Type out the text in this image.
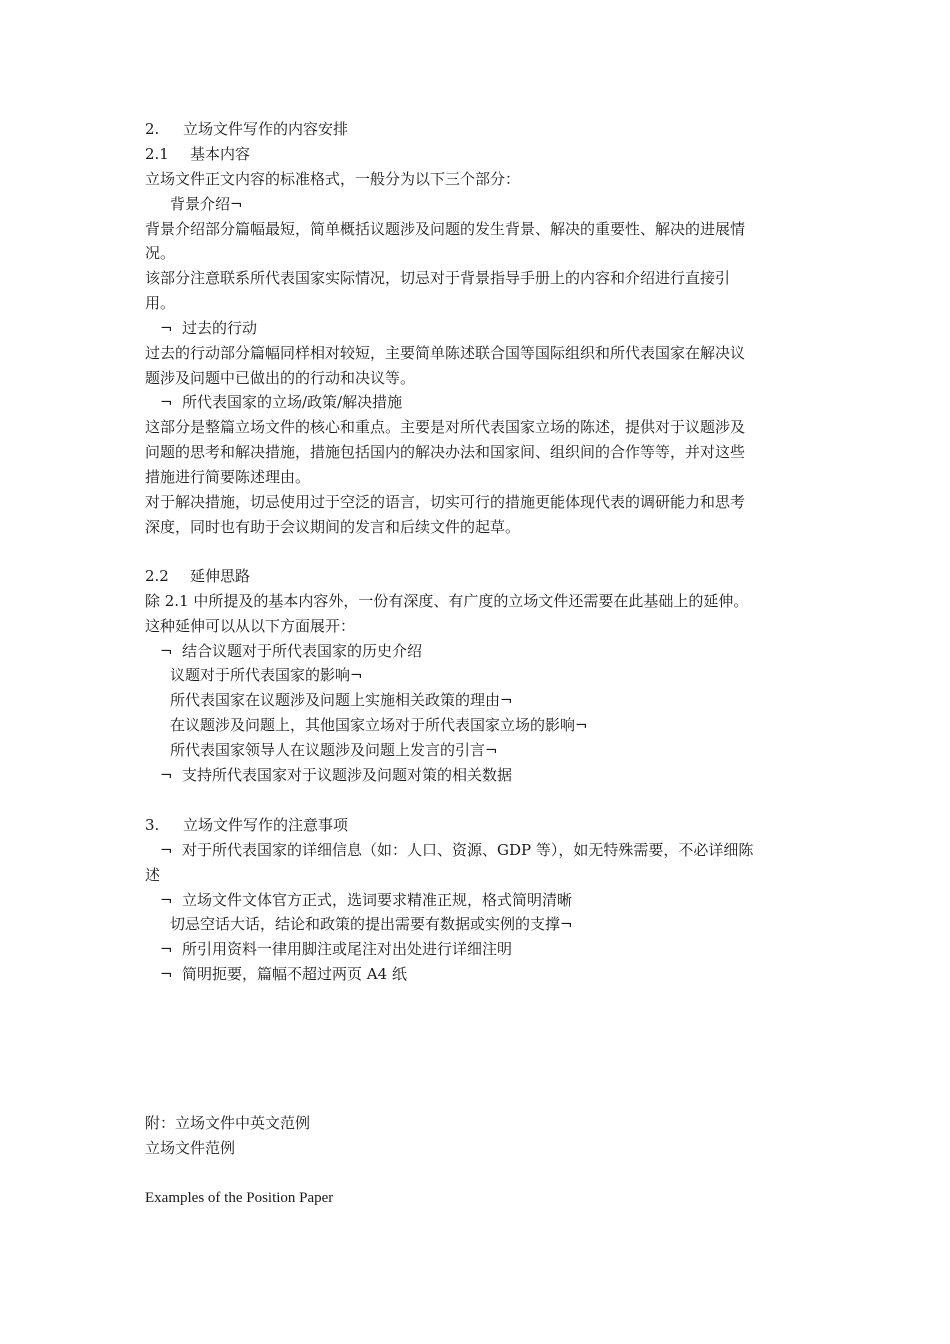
2. 立场文件写作的内容安排
2.1 基本内容
立场文件正文内容的标准格式，一般分为以下三个部分：
背景介绍¬
背景介绍部分篇幅最短，简单概括议题涉及问题的发生背景、解决的重要性、解决的进展情
况。
该部分注意联系所代表国家实际情况，切忌对于背景指导手册上的内容和介绍进行直接引
用。
¬ 过去的行动
过去的行动部分篇幅同样相对较短，主要简单陈述联合国等国际组织和所代表国家在解决议
题涉及问题中已做出的的行动和决议等。
¬ 所代表国家的立场/政策/解决措施
这部分是整篇立场文件的核心和重点。主要是对所代表国家立场的陈述，提供对于议题涉及
问题的思考和解决措施，措施包括国内的解决办法和国家间、组织间的合作等等，并对这些
措施进行简要陈述理由。
对于解决措施，切忌使用过于空泛的语言，切实可行的措施更能体现代表的调研能力和思考
深度，同时也有助于会议期间的发言和后续文件的起草。
2.2 延伸思路
除 2.1 中所提及的基本内容外，一份有深度、有广度的立场文件还需要在此基础上的延伸。
这种延伸可以从以下方面展开：
¬ 结合议题对于所代表国家的历史介绍
议题对于所代表国家的影响¬
所代表国家在议题涉及问题上实施相关政策的理由¬
在议题涉及问题上，其他国家立场对于所代表国家立场的影响¬
所代表国家领导人在议题涉及问题上发言的引言¬
¬ 支持所代表国家对于议题涉及问题对策的相关数据
3. 立场文件写作的注意事项
¬ 对于所代表国家的详细信息（如：人口、资源、GDP 等），如无特殊需要，不必详细陈
述
¬ 立场文件文体官方正式，选词要求精准正规，格式简明清晰
切忌空话大话，结论和政策的提出需要有数据或实例的支撑¬
¬ 所引用资料一律用脚注或尾注对出处进行详细注明
¬ 简明扼要，篇幅不超过两页 A4 纸
附：立场文件中英文范例
立场文件范例
Examples of the Position Paper
